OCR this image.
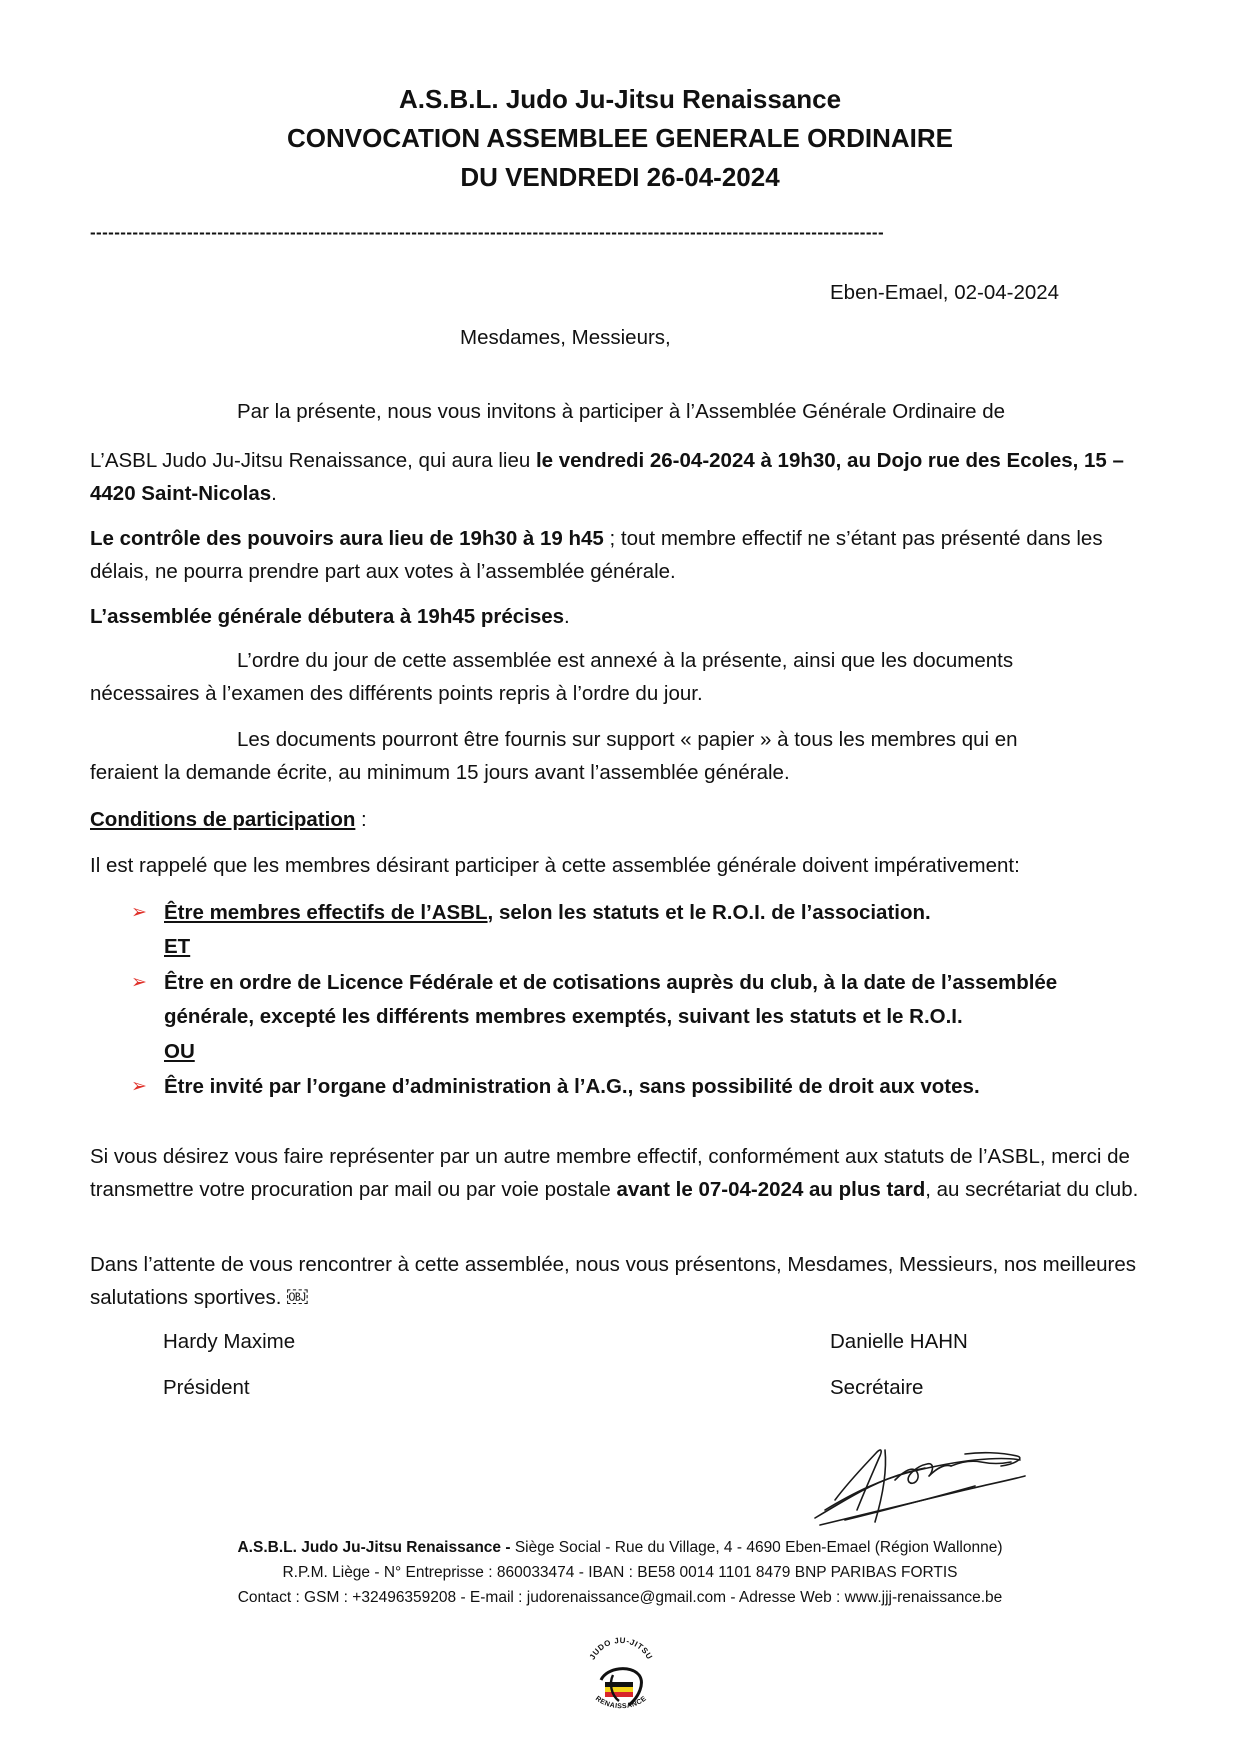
A.S.B.L. Judo Ju-Jitsu Renaissance
CONVOCATION ASSEMBLEE GENERALE ORDINAIRE
DU VENDREDI 26-04-2024
-----------------------------------------------------------------------------------------------------------------------------------
Eben-Emael, 02-04-2024
Mesdames, Messieurs,
Par la présente, nous vous invitons à participer à l’Assemblée Générale Ordinaire de
L’ASBL Judo Ju-Jitsu Renaissance, qui aura lieu le vendredi 26-04-2024 à 19h30, au Dojo rue des Ecoles, 15 – 4420 Saint-Nicolas.
Le contrôle des pouvoirs aura lieu de 19h30 à 19 h45 ; tout membre effectif ne s’étant pas présenté dans les délais, ne pourra prendre part aux votes à l’assemblée générale.
L’assemblée générale débutera à 19h45 précises.
L’ordre du jour de cette assemblée est annexé à la présente, ainsi que les documents
nécessaires à l’examen des différents points repris à l’ordre du jour.
Les documents pourront être fournis sur support « papier » à tous les membres qui en
feraient la demande écrite, au minimum 15 jours avant l’assemblée générale.
Conditions de participation :
Il est rappelé que les membres désirant participer à cette assemblée générale doivent impérativement:
➢ Être membres effectifs de l’ASBL, selon les statuts et le R.O.I. de l’association.
ET
➢ Être en ordre de Licence Fédérale et de cotisations auprès du club, à la date de l’assemblée générale, excepté les différents membres exemptés, suivant les statuts et le R.O.I.
OU
➢ Être invité par l’organe d’administration à l’A.G., sans possibilité de droit aux votes.
Si vous désirez vous faire représenter par un autre membre effectif, conformément aux statuts de l’ASBL, merci de transmettre votre procuration par mail ou par voie postale avant le 07-04-2024 au plus tard, au secrétariat du club.
Dans l’attente de vous rencontrer à cette assemblée, nous vous présentons, Mesdames, Messieurs, nos meilleures salutations sportives. ￼
Hardy Maxime
Président
Danielle HAHN
Secrétaire
A.S.B.L. Judo Ju-Jitsu Renaissance - Siège Social - Rue du Village, 4 - 4690 Eben-Emael (Région Wallonne)
R.P.M. Liège - N° Entreprisse : 860033474 - IBAN : BE58 0014 1101 8479 BNP PARIBAS FORTIS
Contact : GSM : +32496359208 - E-mail : judorenaissance@gmail.com - Adresse Web : www.jjj-renaissance.be
JUDO JU-JITSU
RENAISSANCE
